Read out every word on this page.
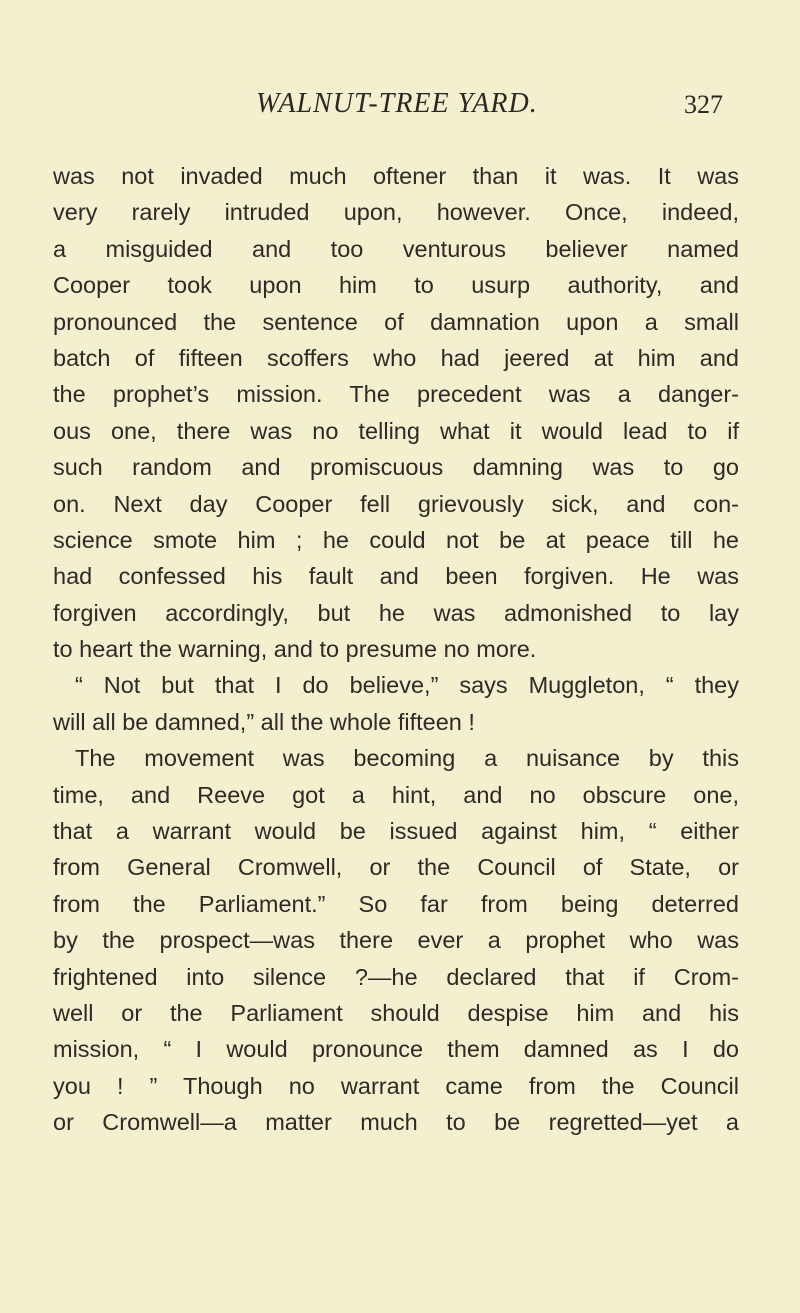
WALNUT-TREE YARD.	327
was not invaded much oftener than it was. It was
very rarely intruded upon, however. Once, indeed,
a misguided and too venturous believer named
Cooper took upon him to usurp authority, and
pronounced the sentence of damnation upon a small
batch of fifteen scoffers who had jeered at him and
the prophet’s mission. The precedent was a danger-
ous one, there was no telling what it would lead to if
such random and promiscuous damning was to go
on. Next day Cooper fell grievously sick, and con-
science smote him ; he could not be at peace till he
had confessed his fault and been forgiven. He was
forgiven accordingly, but he was admonished to lay
to heart the warning, and to presume no more.
“ Not but that I do believe,” says Muggleton, “ they
will all be damned,” all the whole fifteen !
The movement was becoming a nuisance by this
time, and Reeve got a hint, and no obscure one,
that a warrant would be issued against him, “ either
from General Cromwell, or the Council of State, or
from the Parliament.” So far from being deterred
by the prospect—was there ever a prophet who was
frightened into silence ?—he declared that if Crom-
well or the Parliament should despise him and his
mission, “ I would pronounce them damned as I do
you ! ” Though no warrant came from the Council
or Cromwell—a matter much to be regretted—yet a
